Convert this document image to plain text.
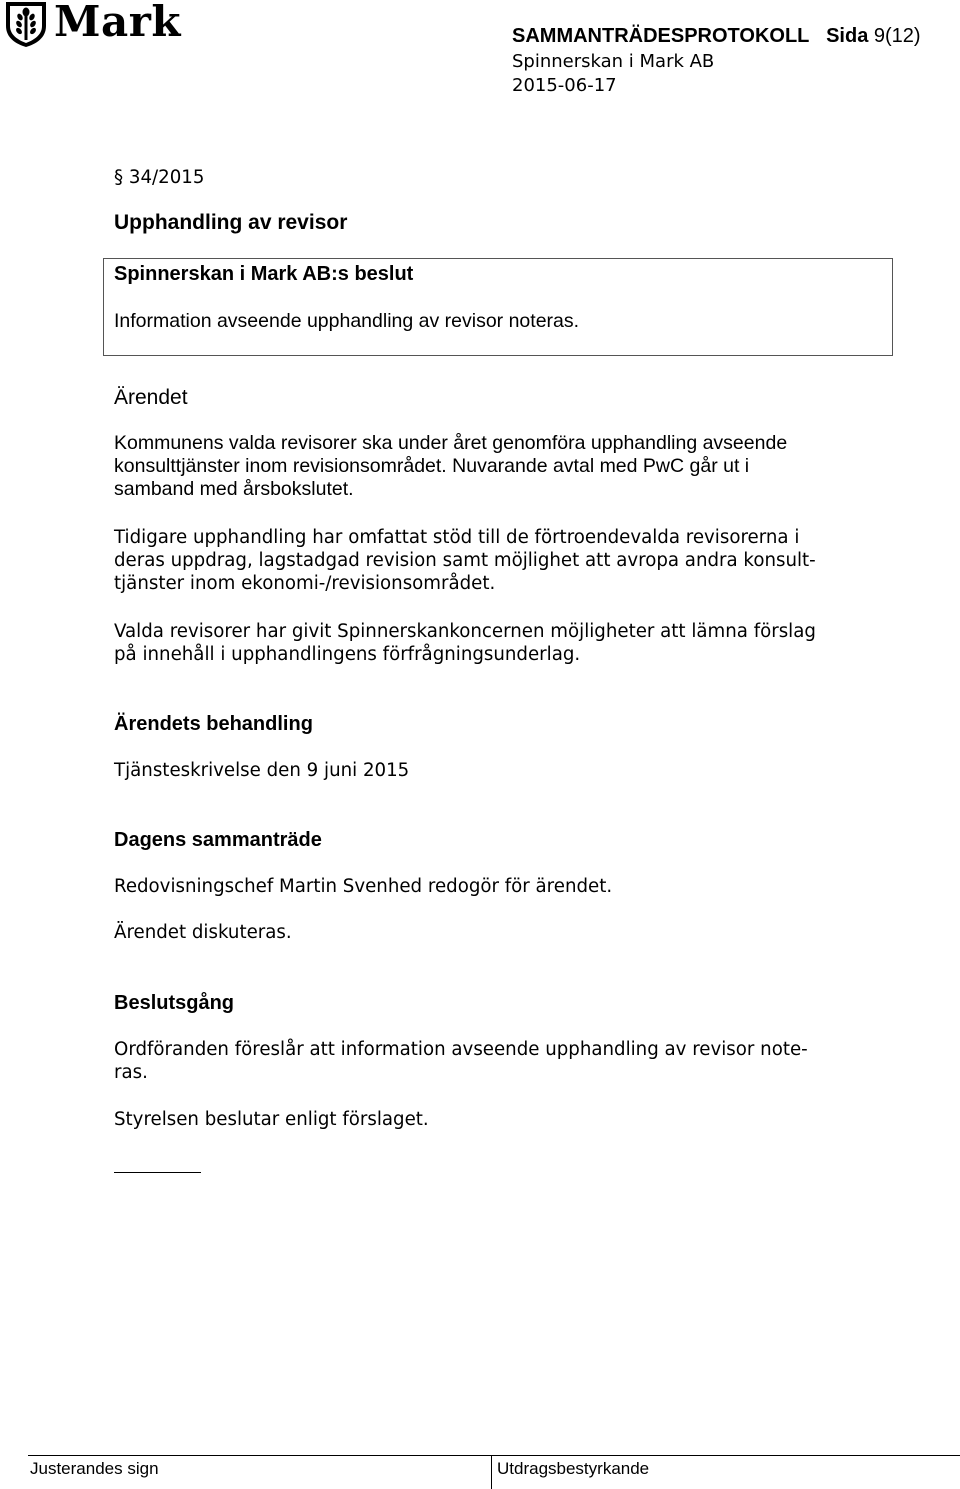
Mark	SAMMANTRÄDESPROTOKOLL Sida 9(12)
Spinnerskan i Mark AB
2015-06-17
§ 34/2015
Upphandling av revisor
Spinnerskan i Mark AB:s beslut
Information avseende upphandling av revisor noteras.
Ärendet
Kommunens valda revisorer ska under året genomföra upphandling avseende
konsulttjänster inom revisionsområdet. Nuvarande avtal med PwC går ut i
samband med årsbokslutet.
Tidigare upphandling har omfattat stöd till de förtroendevalda revisorerna i
deras uppdrag, lagstadgad revision samt möjlighet att avropa andra konsult-
tjänster inom ekonomi-/revisionsområdet.
Valda revisorer har givit Spinnerskankoncernen möjligheter att lämna förslag
på innehåll i upphandlingens förfrågningsunderlag.
Ärendets behandling
Tjänsteskrivelse den 9 juni 2015
Dagens sammanträde
Redovisningschef Martin Svenhed redogör för ärendet.
Ärendet diskuteras.
Beslutsgång
Ordföranden föreslår att information avseende upphandling av revisor note-
ras.
Styrelsen beslutar enligt förslaget.
Justerandes sign	Utdragsbestyrkande
